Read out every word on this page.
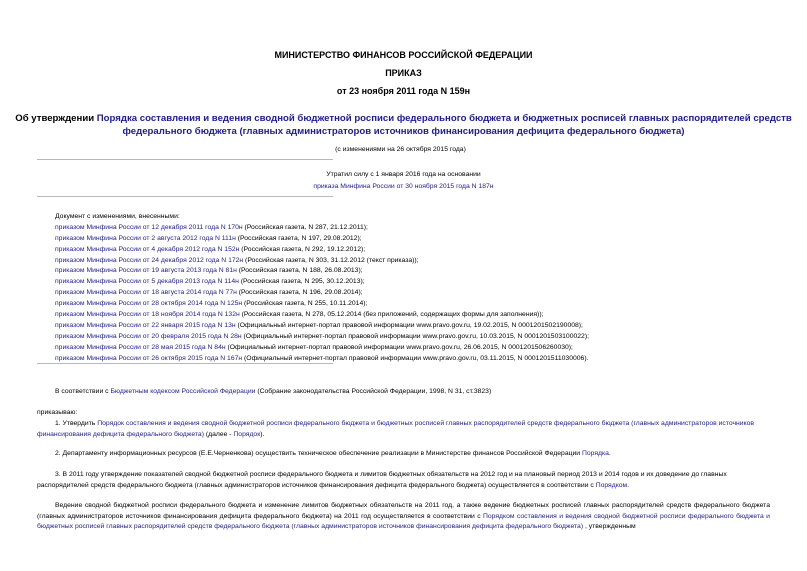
МИНИСТЕРСТВО ФИНАНСОВ РОССИЙСКОЙ ФЕДЕРАЦИИ
ПРИКАЗ
от 23 ноября 2011 года N 159н
Об утверждении Порядка составления и ведения сводной бюджетной росписи федерального бюджета и бюджетных росписей главных распорядителей средств
федерального бюджета (главных администраторов источников финансирования дефицита федерального бюджета)
(с изменениями на 26 октября 2015 года)
Утратил силу с 1 января 2016 года на основании
приказа Минфина России от 30 ноября 2015 года N 187н
Документ с изменениями, внесенными:
приказом Минфина России от 12 декабря 2011 года N 170н (Российская газета, N 287, 21.12.2011);
приказом Минфина России от 2 августа 2012 года N 111н (Российская газета, N 197, 29.08.2012);
приказом Минфина России от 4 декабря 2012 года N 152н (Российская газета, N 292, 19.12.2012);
приказом Минфина России от 24 декабря 2012 года N 172н (Российская газета, N 303, 31.12.2012 (текст приказа));
приказом Минфина России от 19 августа 2013 года N 81н (Российская газета, N 188, 26.08.2013);
приказом Минфина России от 5 декабря 2013 года N 114н (Российская газета, N 295, 30.12.2013);
приказом Минфина России от 18 августа 2014 года N 77н (Российская газета, N 196, 29.08.2014);
приказом Минфина России от 28 октября 2014 года N 125н (Российская газета, N 255, 10.11.2014);
приказом Минфина России от 18 ноября 2014 года N 132н (Российская газета, N 278, 05.12.2014 (без приложений, содержащих формы для заполнения));
приказом Минфина России от 22 января 2015 года N 13н (Официальный интернет-портал правовой информации www.pravo.gov.ru, 19.02.2015, N 0001201502190008);
приказом Минфина России от 20 февраля 2015 года N 28н (Официальный интернет-портал правовой информации www.pravo.gov.ru, 10.03.2015, N 0001201503100022);
приказом Минфина России от 28 мая 2015 года N 84н (Официальный интернет-портал правовой информации www.pravo.gov.ru, 26.06.2015, N 0001201506260030);
приказом Минфина России от 26 октября 2015 года N 167н (Официальный интернет-портал правовой информации www.pravo.gov.ru, 03.11.2015, N 0001201511030006).
В соответствии с Бюджетным кодексом Российской Федерации (Собрание законодательства Российской Федерации, 1998, N 31, ст.3823)
приказываю:
1. Утвердить Порядок составления и ведения сводной бюджетной росписи федерального бюджета и бюджетных росписей главных распорядителей средств федерального бюджета (главных администраторов источников финансирования дефицита федерального бюджета) (далее - Порядок).
2. Департаменту информационных ресурсов (Е.Е.Черненкова) осуществить техническое обеспечение реализации в Министерстве финансов Российской Федерации Порядка.
3. В 2011 году утверждение показателей сводной бюджетной росписи федерального бюджета и лимитов бюджетных обязательств на 2012 год и на плановый период 2013 и 2014 годов и их доведение до главных распорядителей средств федерального бюджета (главных администраторов источников финансирования дефицита федерального бюджета) осуществляется в соответствии с Порядком.
Ведение сводной бюджетной росписи федерального бюджета и изменение лимитов бюджетных обязательств на 2011 год, а также ведение бюджетных росписей главных распорядителей средств федерального бюджета (главных администраторов источников финансирования дефицита федерального бюджета) на 2011 год осуществляется в соответствии с Порядком составления и ведения сводной бюджетной росписи федерального бюджета и бюджетных росписей главных распорядителей средств федерального бюджета (главных администраторов источников финансирования дефицита федерального бюджета) , утвержденным
